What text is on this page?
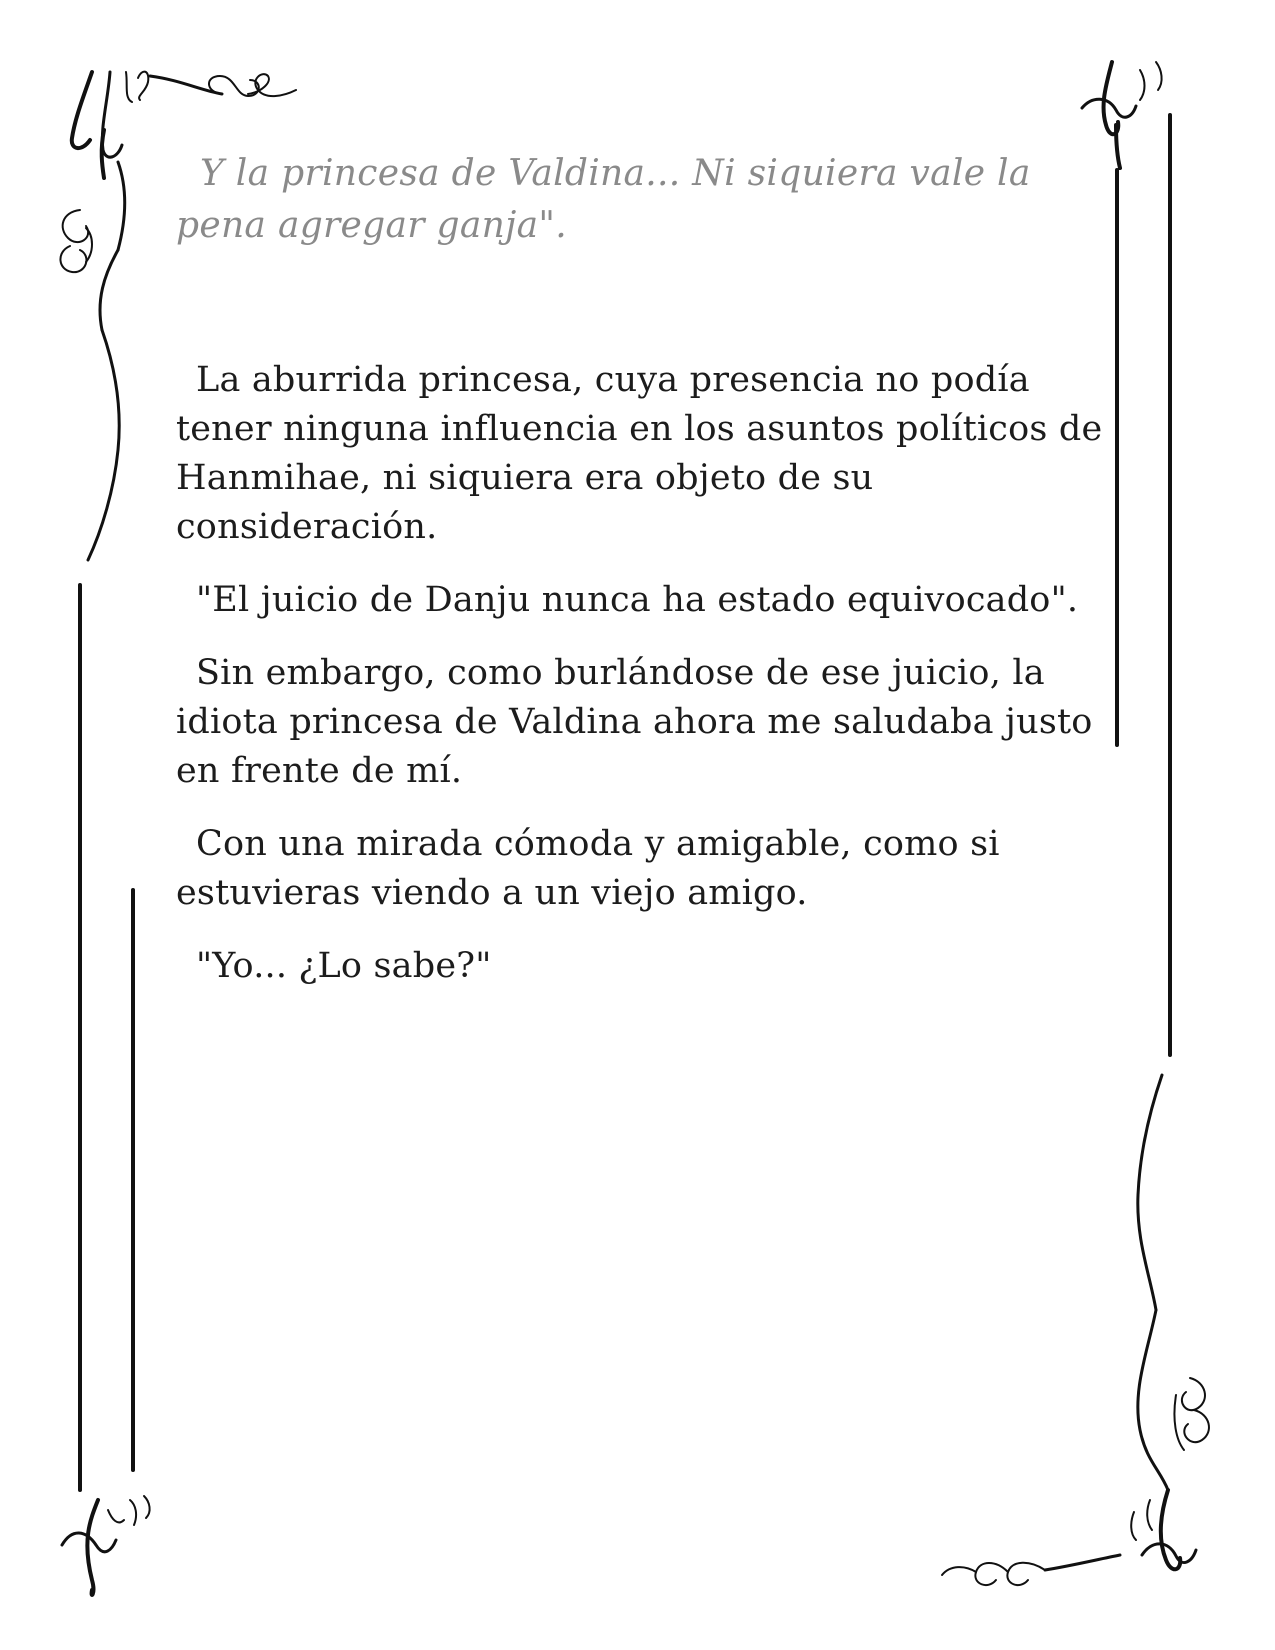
Y la princesa de Valdina... Ni siquiera vale la pena agregar ganja".

La aburrida princesa, cuya presencia no podía tener ninguna influencia en los asuntos políticos de Hanmihae, ni siquiera era objeto de su consideración.

"El juicio de Danju nunca ha estado equivocado".

Sin embargo, como burlándose de ese juicio, la idiota princesa de Valdina ahora me saludaba justo en frente de mí.

Con una mirada cómoda y amigable, como si estuvieras viendo a un viejo amigo.

"Yo... ¿Lo sabe?"
